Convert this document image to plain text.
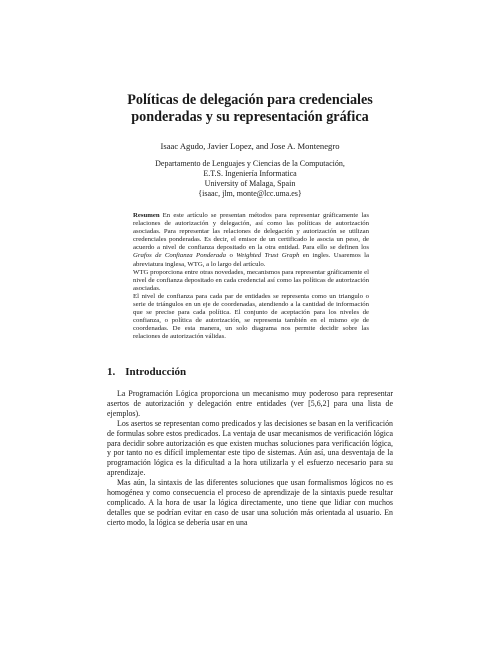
Políticas de delegación para credenciales
ponderadas y su representación gráfica

Isaac Agudo, Javier Lopez, and Jose A. Montenegro

Departamento de Lenguajes y Ciencias de la Computación,
E.T.S. Ingeniería Informatica
University of Malaga, Spain
{isaac, jlm, monte@lcc.uma.es}

Resumen En este artículo se presentan métodos para representar gráficamente las relaciones de autorización y delegación, así como las políticas de autorización asociadas. Para representar las relaciones de delegación y autorización se utilizan credenciales ponderadas. Es decir, el emisor de un certificado le asocia un peso, de acuerdo a nivel de confianza depositado en la otra entidad. Para ello se definen los Grafos de Confianza Ponderada o Weighted Trust Graph en ingles. Usaremos la abreviatura inglesa, WTG, a lo largo del artículo.

WTG proporciona entre otras novedades, mecanismos para representar gráficamente el nivel de confianza depositado en cada credencial así como las políticas de autorización asociadas.

El nivel de confianza para cada par de entidades se representa como un triangulo o serie de triángulos en un eje de coordenadas, atendiendo a la cantidad de información que se precise para cada política. El conjunto de aceptación para los niveles de confianza, o política de autorización, se representa también en el mismo eje de coordenadas. De esta manera, un solo diagrama nos permite decidir sobre las relaciones de autorización válidas.

1. Introducción

La Programación Lógica proporciona un mecanismo muy poderoso para representar asertos de autorización y delegación entre entidades (ver [5,6,2] para una lista de ejemplos).

Los asertos se representan como predicados y las decisiones se basan en la verificación de formulas sobre estos predicados. La ventaja de usar mecanismos de verificación lógica para decidir sobre autorización es que existen muchas soluciones para verificación lógica, y por tanto no es difícil implementar este tipo de sistemas. Aún así, una desventaja de la programación lógica es la dificultad a la hora utilizarla y el esfuerzo necesario para su aprendizaje.

Mas aún, la sintaxis de las diferentes soluciones que usan formalismos lógicos no es homogénea y como consecuencia el proceso de aprendizaje de la sintaxis puede resultar complicado. A la hora de usar la lógica directamente, uno tiene que lidiar con muchos detalles que se podrían evitar en caso de usar una solución más orientada al usuario. En cierto modo, la lógica se debería usar en una
